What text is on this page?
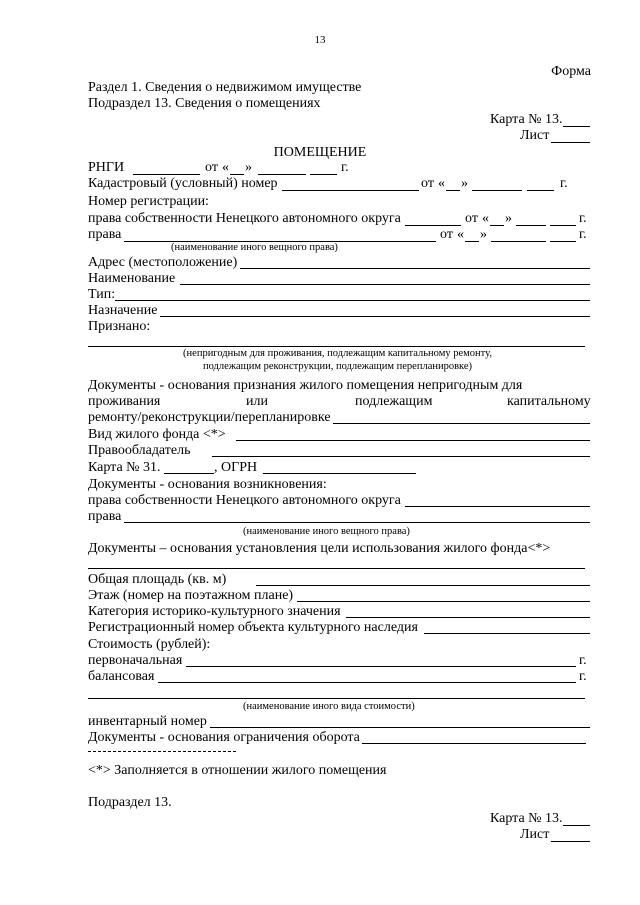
13
Форма
Раздел 1. Сведения о недвижимом имуществе
Подраздел 13. Сведения о помещениях
Карта № 13.
Лист
ПОМЕЩЕНИЕ
РНГИ	от « »	г.
Кадастровый (условный) номер	от « »	г.
Номер регистрации:
права собственности Ненецкого автономного округа	от « »	г.
права	от « »	г.
(наименование иного вещного права)
Адрес (местоположение)
Наименование
Тип:
Назначение
Признано:
(непригодным для проживания, подлежащим капитальному ремонту,
подлежащим реконструкции, подлежащим перепланировке)
Документы - основания признания жилого помещения непригодным для
проживания	или	подлежащим	капитальному
ремонту/реконструкции/перепланировке
Вид жилого фонда <*>
Правообладатель
Карта № 31.	, ОГРН
Документы - основания возникновения:
права собственности Ненецкого автономного округа
права
(наименование иного вещного права)
Документы – основания установления цели использования жилого фонда<*>
Общая площадь (кв. м)
Этаж (номер на поэтажном плане)
Категория историко-культурного значения
Регистрационный номер объекта культурного наследия
Стоимость (рублей):
первоначальная	г.
балансовая	г.
(наименование иного вида стоимости)
инвентарный номер
Документы - основания ограничения оборота
<*> Заполняется в отношении жилого помещения
Подраздел 13.
Карта № 13.
Лист
